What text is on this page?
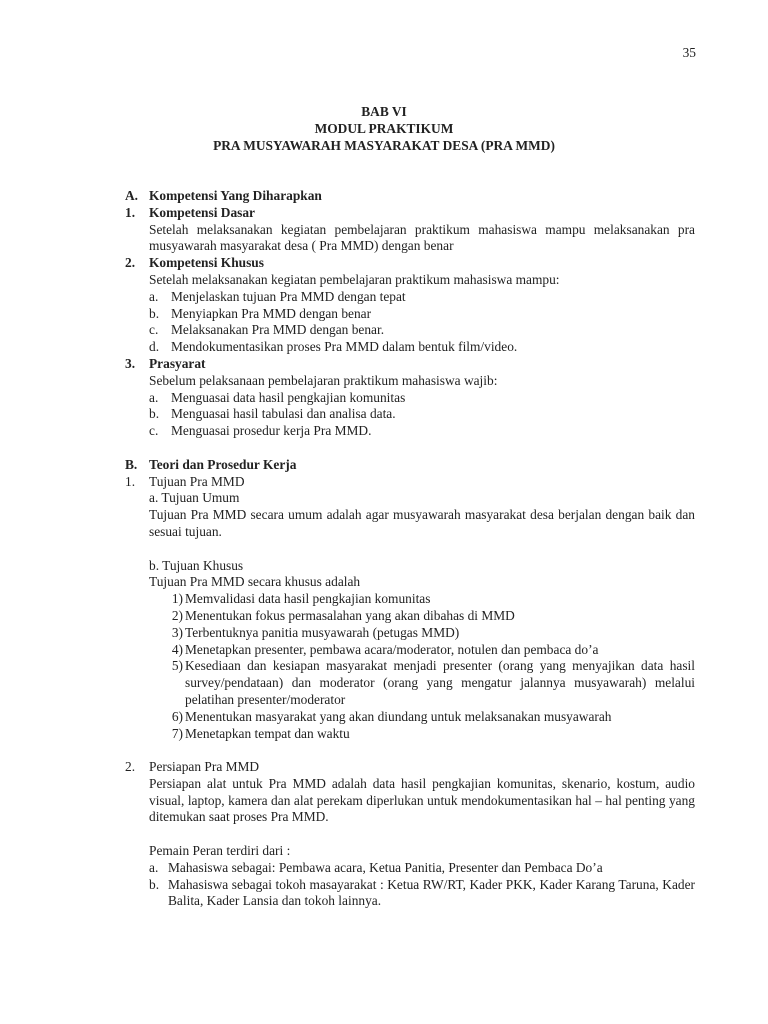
35
BAB VI
MODUL PRAKTIKUM
PRA MUSYAWARAH MASYARAKAT DESA (PRA MMD)
A. Kompetensi Yang Diharapkan
1. Kompetensi Dasar
Setelah melaksanakan kegiatan pembelajaran praktikum mahasiswa mampu melaksanakan pra musyawarah masyarakat desa ( Pra MMD) dengan benar
2. Kompetensi Khusus
Setelah melaksanakan kegiatan pembelajaran praktikum mahasiswa mampu:
a. Menjelaskan tujuan Pra MMD dengan tepat
b. Menyiapkan Pra MMD dengan benar
c. Melaksanakan Pra MMD dengan benar.
d. Mendokumentasikan proses Pra MMD dalam bentuk film/video.
3. Prasyarat
Sebelum pelaksanaan pembelajaran praktikum mahasiswa wajib:
a. Menguasai data hasil pengkajian komunitas
b. Menguasai hasil tabulasi dan analisa data.
c. Menguasai prosedur kerja Pra MMD.
B. Teori dan Prosedur Kerja
1. Tujuan Pra MMD
a. Tujuan Umum
Tujuan Pra MMD secara umum adalah agar musyawarah masyarakat desa berjalan dengan baik dan sesuai tujuan.
b. Tujuan Khusus
Tujuan Pra MMD secara khusus adalah
1) Memvalidasi data hasil pengkajian komunitas
2) Menentukan fokus permasalahan yang akan dibahas di MMD
3) Terbentuknya panitia musyawarah (petugas MMD)
4) Menetapkan presenter, pembawa acara/moderator, notulen dan pembaca do’a
5) Kesediaan dan kesiapan masyarakat menjadi presenter (orang yang menyajikan data hasil survey/pendataan) dan moderator (orang yang mengatur jalannya musyawarah) melalui pelatihan presenter/moderator
6) Menentukan masyarakat yang akan diundang untuk melaksanakan musyawarah
7) Menetapkan tempat dan waktu
2. Persiapan Pra MMD
Persiapan alat untuk Pra MMD adalah data hasil pengkajian komunitas, skenario, kostum, audio visual, laptop, kamera dan alat perekam diperlukan untuk mendokumentasikan hal – hal penting yang ditemukan saat proses Pra MMD.
Pemain Peran terdiri dari :
a. Mahasiswa sebagai: Pembawa acara, Ketua Panitia, Presenter dan Pembaca Do’a
b. Mahasiswa sebagai tokoh masayarakat : Ketua RW/RT, Kader PKK, Kader Karang Taruna, Kader Balita, Kader Lansia dan tokoh lainnya.
